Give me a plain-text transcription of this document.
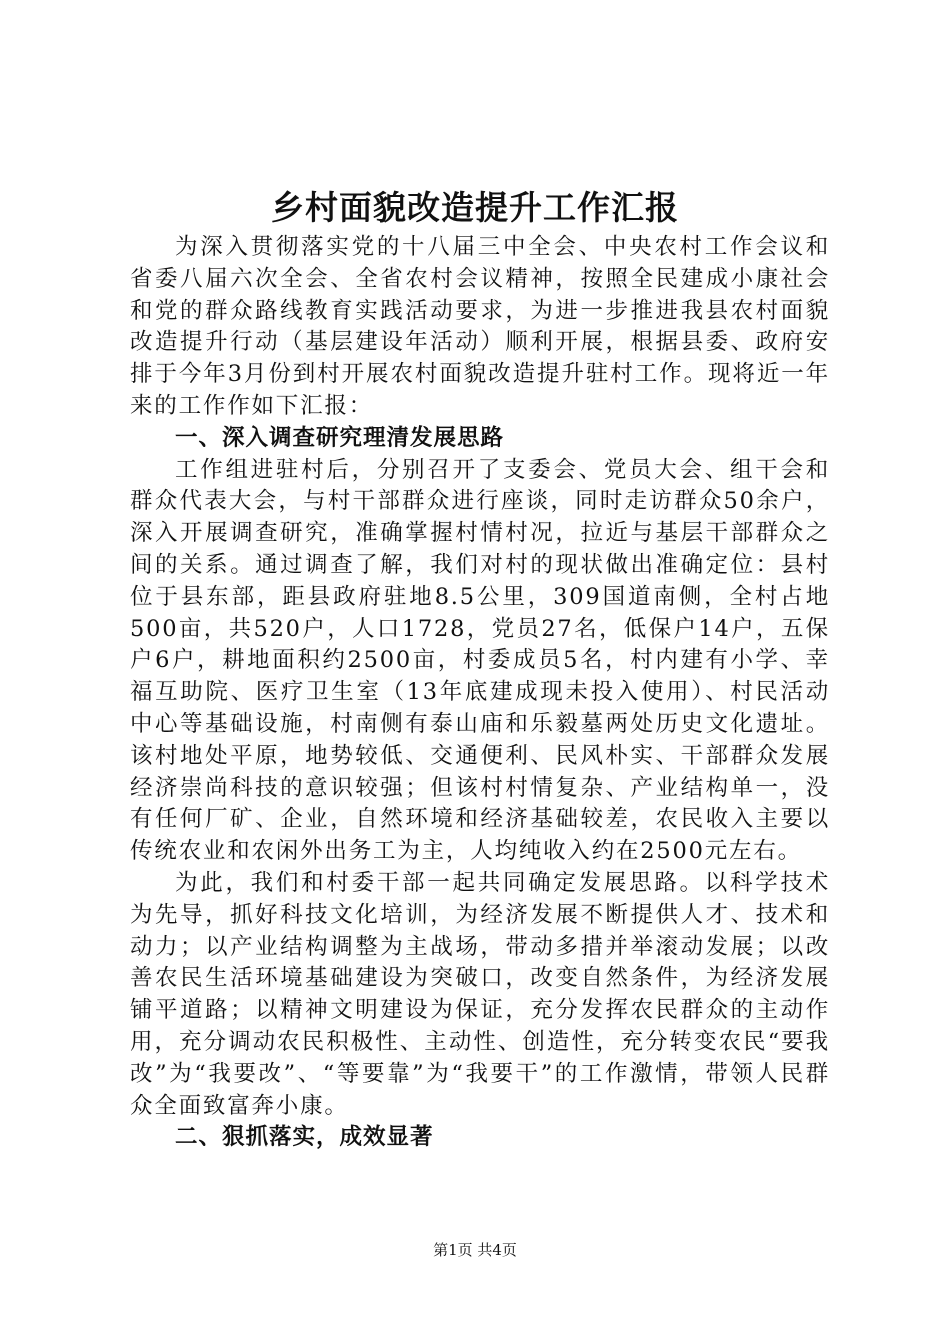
乡村面貌改造提升工作汇报

为深入贯彻落实党的十八届三中全会、中央农村工作会议和省委八届六次全会、全省农村会议精神，按照全民建成小康社会和党的群众路线教育实践活动要求，为进一步推进我县农村面貌改造提升行动（基层建设年活动）顺利开展，根据县委、政府安排于今年3月份到村开展农村面貌改造提升驻村工作。现将近一年来的工作作如下汇报：

一、深入调查研究理清发展思路

工作组进驻村后，分别召开了支委会、党员大会、组干会和群众代表大会，与村干部群众进行座谈，同时走访群众50余户，深入开展调查研究，准确掌握村情村况，拉近与基层干部群众之间的关系。通过调查了解，我们对村的现状做出准确定位：县村位于县东部，距县政府驻地8.5公里，309国道南侧，全村占地500亩，共520户，人口1728，党员27名，低保户14户，五保户6户，耕地面积约2500亩，村委成员5名，村内建有小学、幸福互助院、医疗卫生室（13年底建成现未投入使用）、村民活动中心等基础设施，村南侧有泰山庙和乐毅墓两处历史文化遗址。该村地处平原，地势较低、交通便利、民风朴实、干部群众发展经济崇尚科技的意识较强；但该村村情复杂、产业结构单一，没有任何厂矿、企业，自然环境和经济基础较差，农民收入主要以传统农业和农闲外出务工为主，人均纯收入约在2500元左右。

为此，我们和村委干部一起共同确定发展思路。以科学技术为先导，抓好科技文化培训，为经济发展不断提供人才、技术和动力；以产业结构调整为主战场，带动多措并举滚动发展；以改善农民生活环境基础建设为突破口，改变自然条件，为经济发展铺平道路；以精神文明建设为保证，充分发挥农民群众的主动作用，充分调动农民积极性、主动性、创造性，充分转变农民“要我改”为“我要改”、“等要靠”为“我要干”的工作激情，带领人民群众全面致富奔小康。

二、狠抓落实，成效显著

第1页 共4页
